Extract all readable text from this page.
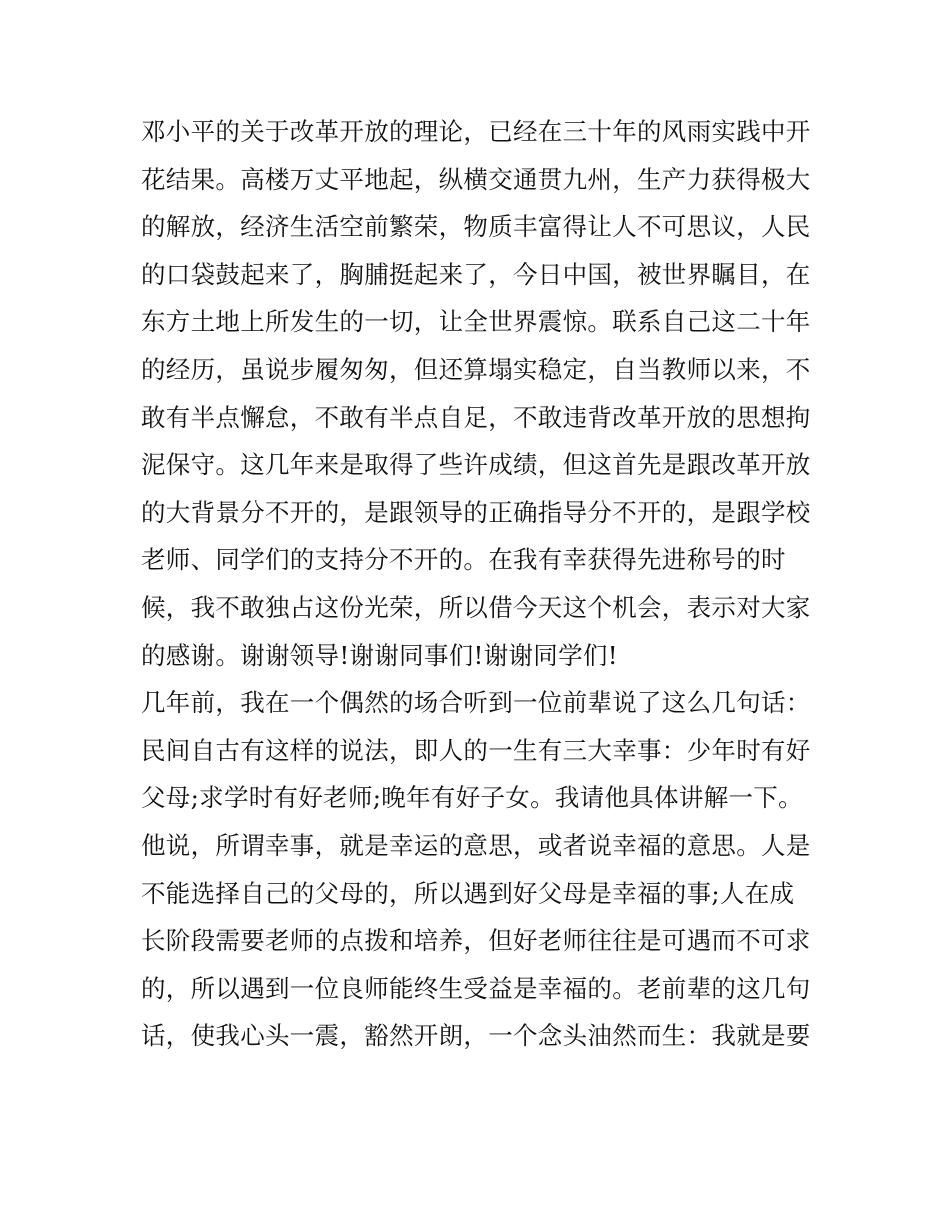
邓小平的关于改革开放的理论，已经在三十年的风雨实践中开
花结果。高楼万丈平地起，纵横交通贯九州，生产力获得极大
的解放，经济生活空前繁荣，物质丰富得让人不可思议，人民
的口袋鼓起来了，胸脯挺起来了，今日中国，被世界瞩目，在
东方土地上所发生的一切，让全世界震惊。联系自己这二十年
的经历，虽说步履匆匆，但还算塌实稳定，自当教师以来，不
敢有半点懈怠，不敢有半点自足，不敢违背改革开放的思想拘
泥保守。这几年来是取得了些许成绩，但这首先是跟改革开放
的大背景分不开的，是跟领导的正确指导分不开的，是跟学校
老师、同学们的支持分不开的。在我有幸获得先进称号的时
候，我不敢独占这份光荣，所以借今天这个机会，表示对大家
的感谢。谢谢领导!谢谢同事们!谢谢同学们!
几年前，我在一个偶然的场合听到一位前辈说了这么几句话：
民间自古有这样的说法，即人的一生有三大幸事：少年时有好
父母;求学时有好老师;晚年有好子女。我请他具体讲解一下。
他说，所谓幸事，就是幸运的意思，或者说幸福的意思。人是
不能选择自己的父母的，所以遇到好父母是幸福的事;人在成
长阶段需要老师的点拨和培养，但好老师往往是可遇而不可求
的，所以遇到一位良师能终生受益是幸福的。老前辈的这几句
话，使我心头一震，豁然开朗，一个念头油然而生：我就是要
